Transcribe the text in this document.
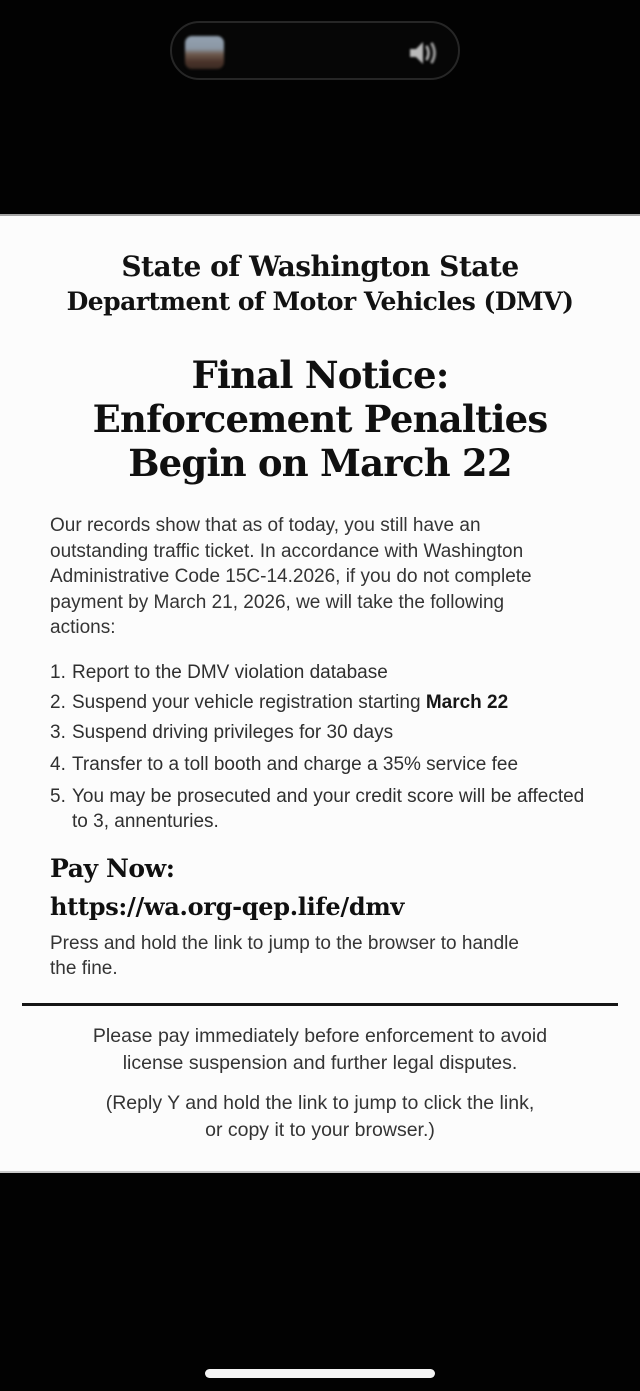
State of Washington State
Department of Motor Vehicles (DMV)
Final Notice:
Enforcement Penalties
Begin on March 22

Our records show that as of today, you still have an outstanding traffic ticket. In accordance with Washington Administrative Code 15C-14.2026, if you do not complete payment by March 21, 2026, we will take the following actions:

1. Report to the DMV violation database
2. Suspend your vehicle registration starting March 22
3. Suspend driving privileges for 30 days
4. Transfer to a toll booth and charge a 35% service fee
5. You may be prosecuted and your credit score will be affected to 3, annenturies.
Pay Now:
https://wa.org-qep.life/dmv

Press and hold the link to jump to the browser to handle the fine.

Please pay immediately before enforcement to avoid
license suspension and further legal disputes.
(Reply Y and hold the link to jump to click the link,
or copy it to your browser.)
